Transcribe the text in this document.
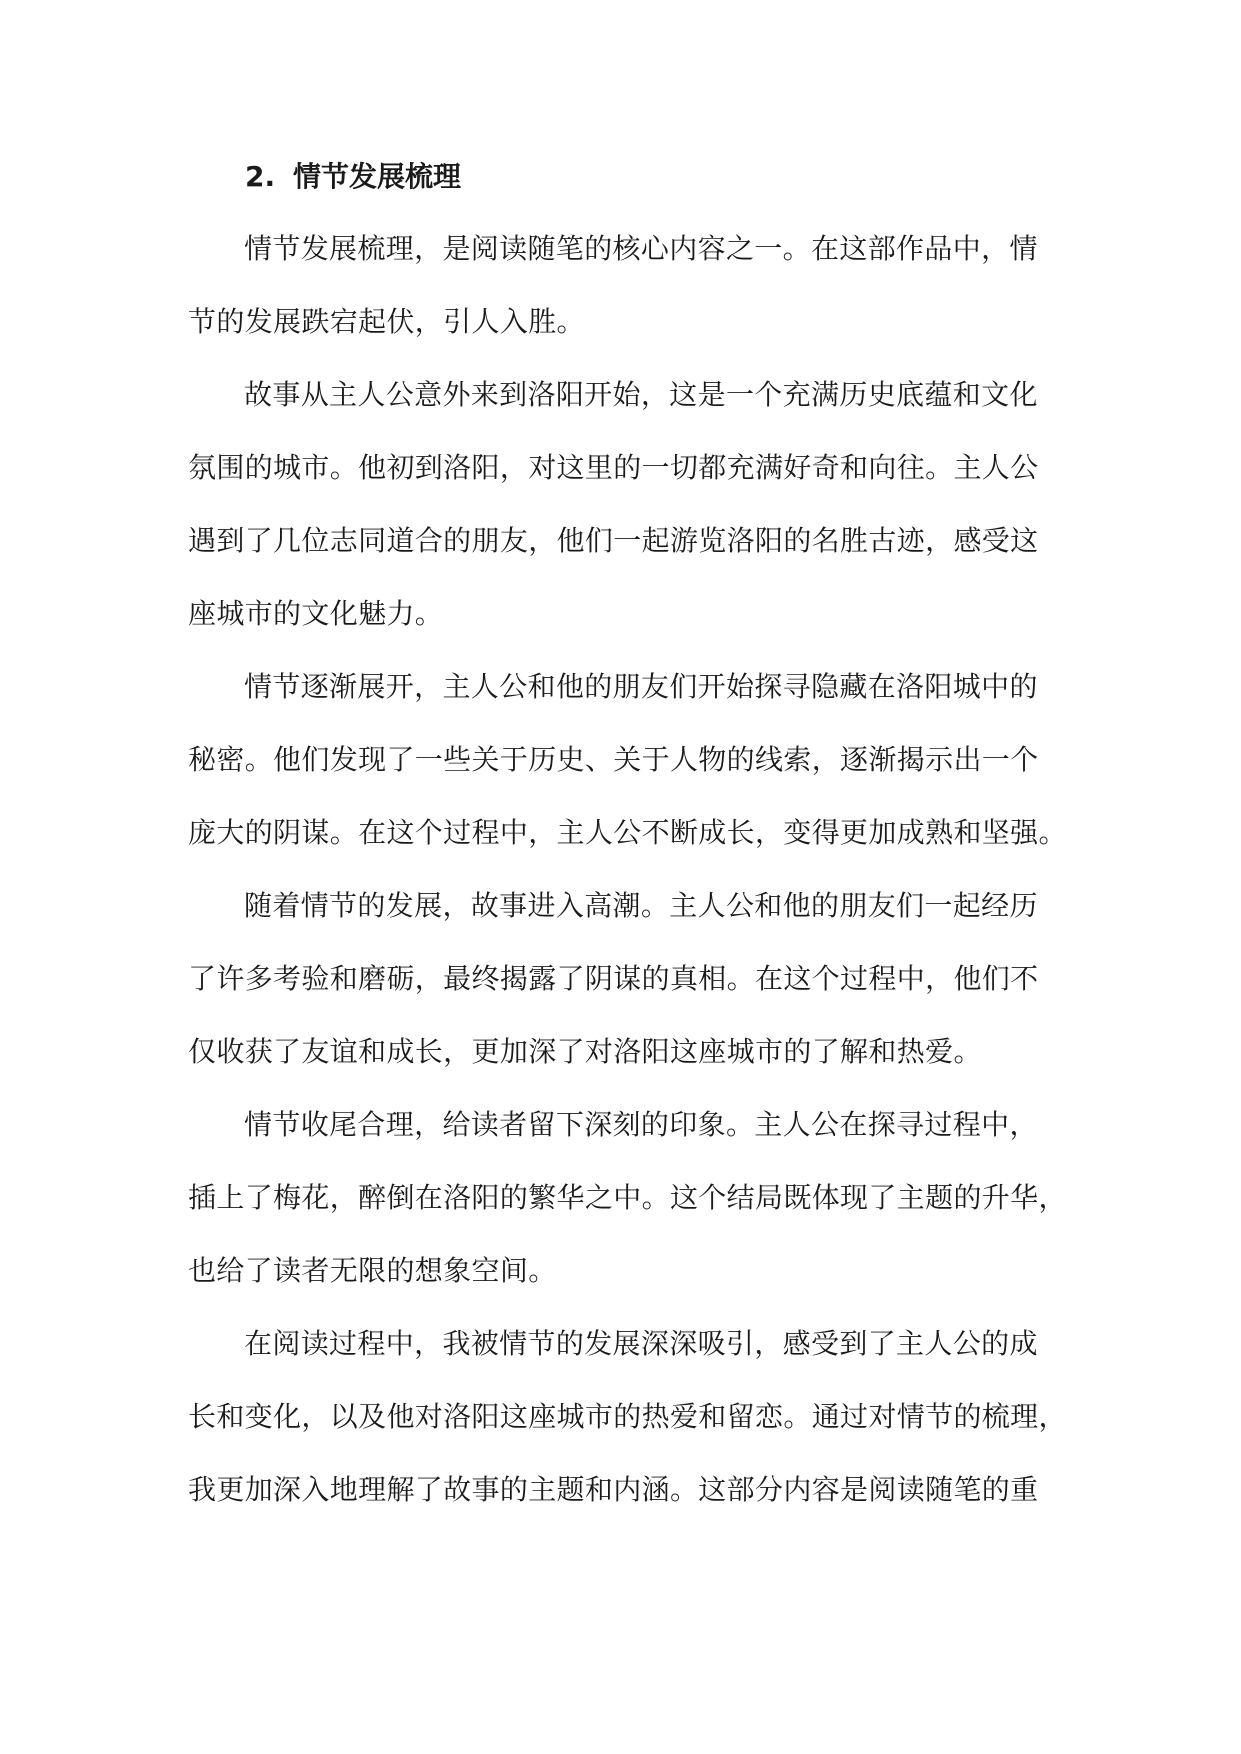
2. 情节发展梳理

情节发展梳理，是阅读随笔的核心内容之一。在这部作品中，情
节的发展跌宕起伏，引人入胜。

故事从主人公意外来到洛阳开始，这是一个充满历史底蕴和文化
氛围的城市。他初到洛阳，对这里的一切都充满好奇和向往。主人公
遇到了几位志同道合的朋友，他们一起游览洛阳的名胜古迹，感受这
座城市的文化魅力。

情节逐渐展开，主人公和他的朋友们开始探寻隐藏在洛阳城中的
秘密。他们发现了一些关于历史、关于人物的线索，逐渐揭示出一个
庞大的阴谋。在这个过程中，主人公不断成长，变得更加成熟和坚强。

随着情节的发展，故事进入高潮。主人公和他的朋友们一起经历
了许多考验和磨砺，最终揭露了阴谋的真相。在这个过程中，他们不
仅收获了友谊和成长，更加深了对洛阳这座城市的了解和热爱。

情节收尾合理，给读者留下深刻的印象。主人公在探寻过程中，
插上了梅花，醉倒在洛阳的繁华之中。这个结局既体现了主题的升华，
也给了读者无限的想象空间。

在阅读过程中，我被情节的发展深深吸引，感受到了主人公的成
长和变化，以及他对洛阳这座城市的热爱和留恋。通过对情节的梳理，
我更加深入地理解了故事的主题和内涵。这部分内容是阅读随笔的重
